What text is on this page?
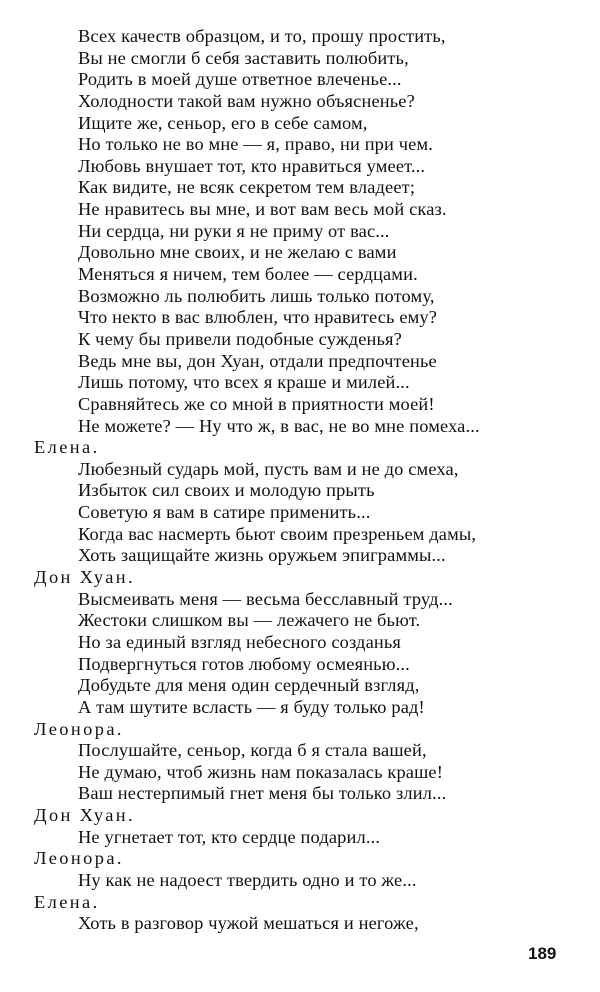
Всех качеств образцом, и то, прошу простить,
Вы не смогли б себя заставить полюбить,
Родить в моей душе ответное влеченье...
Холодности такой вам нужно объясненье?
Ищите же, сеньор, его в себе самом,
Но только не во мне — я, право, ни при чем.
Любовь внушает тот, кто нравиться умеет...
Как видите, не всяк секретом тем владеет;
Не нравитесь вы мне, и вот вам весь мой сказ.
Ни сердца, ни руки я не приму от вас...
Довольно мне своих, и не желаю с вами
Меняться я ничем, тем более — сердцами.
Возможно ль полюбить лишь только потому,
Что некто в вас влюблен, что нравитесь ему?
К чему бы привели подобные сужденья?
Ведь мне вы, дон Хуан, отдали предпочтенье
Лишь потому, что всех я краше и милей...
Сравняйтесь же со мной в приятности моей!
Не можете? — Ну что ж, в вас, не во мне помеха...
Елена.
Любезный сударь мой, пусть вам и не до смеха,
Избыток сил своих и молодую прыть
Советую я вам в сатире применить...
Когда вас насмерть бьют своим презреньем дамы,
Хоть защищайте жизнь оружьем эпиграммы...
Дон Хуан.
Высмеивать меня — весьма бесславный труд...
Жестоки слишком вы — лежачего не бьют.
Но за единый взгляд небесного созданья
Подвергнуться готов любому осмеянью...
Добудьте для меня один сердечный взгляд,
А там шутите всласть — я буду только рад!
Леонора.
Послушайте, сеньор, когда б я стала вашей,
Не думаю, чтоб жизнь нам показалась краше!
Ваш нестерпимый гнет меня бы только злил...
Дон Хуан.
Не угнетает тот, кто сердце подарил...
Леонора.
Ну как не надоест твердить одно и то же...
Елена.
Хоть в разговор чужой мешаться и негоже,
189
